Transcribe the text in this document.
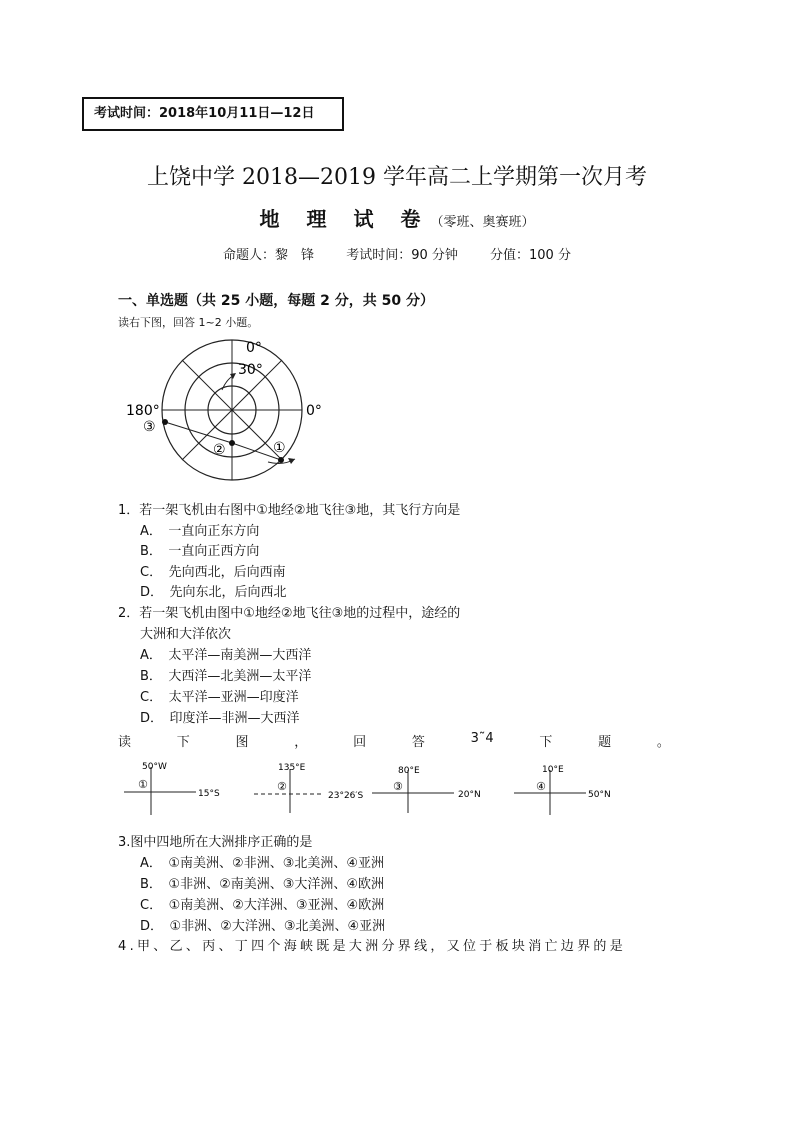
考试时间：2018年10月11日—12日
上饶中学 2018—2019 学年高二上学期第一次月考
地 理 试 卷（零班、奥赛班）
命题人：黎　锋 考试时间：90 分钟 分值：100 分
一、单选题（共 25 小题，每题 2 分，共 50 分）
读右下图，回答 1~2 小题。
0°
30°
180°	0°
③
②	①
1．若一架飞机由右图中①地经②地飞往③地，其飞行方向是
A．　一直向正东方向
B．　一直向正西方向
C．　先向西北，后向西南
D．　先向东北，后向西北
2．若一架飞机由图中①地经②地飞往③地的过程中，途经的
大洲和大洋依次
A．　太平洋—南美洲—大西洋
B．　大西洋—北美洲—太平洋
C．　太平洋—亚洲—印度洋
D．　印度洋—非洲—大西洋
读	下	图	，	回	答	3˜4	下	题	。
50°W
15°S
①
135°E
23°26′S
②
80°E
20°N
③
10°E
50°N
④
3.图中四地所在大洲排序正确的是
A．　①南美洲、②非洲、③北美洲、④亚洲
B．　①非洲、②南美洲、③大洋洲、④欧洲
C．　①南美洲、②大洋洲、③亚洲、④欧洲
D．　①非洲、②大洋洲、③北美洲、④亚洲
4.甲、乙、丙、丁四个海峡既是大洲分界线，又位于板块消亡边界的是
